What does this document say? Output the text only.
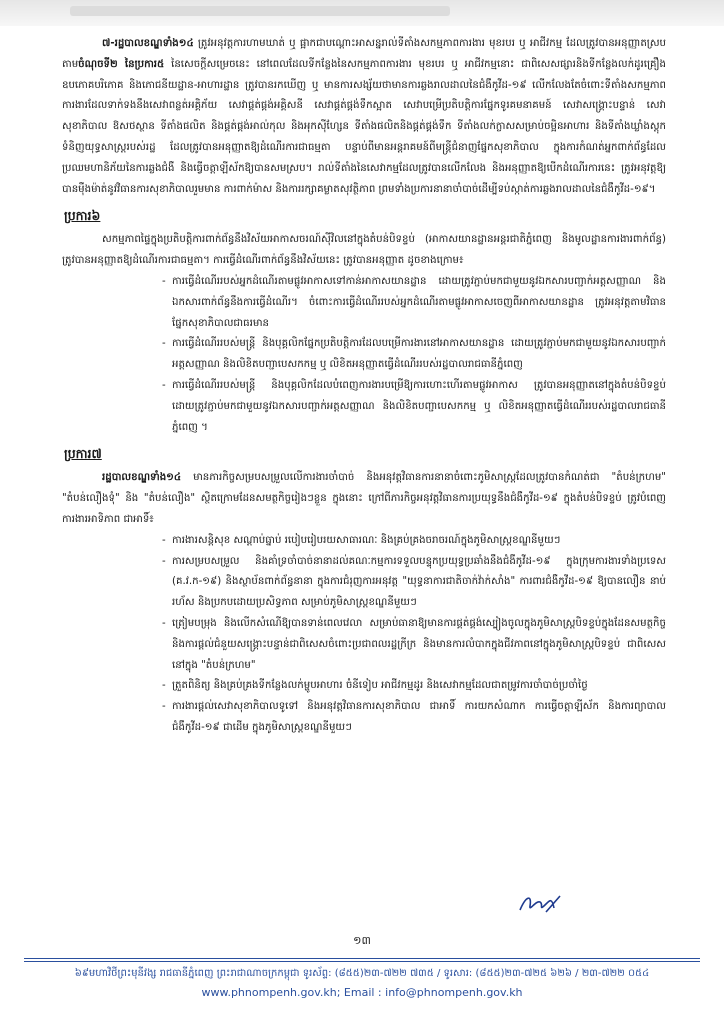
៧-រដ្ឋបាលខណ្ឌទាំង១៤ ត្រូវអនុវត្តការហាមឃាត់ ឬ ផ្អាកជាបណ្តោះអាសន្នរាល់ទីតាំងសកម្មភាពការងារ មុខរបរ ឬ អាជីវកម្ម ដែលត្រូវបានអនុញ្ញាតស្របតាមចំណុចទី២ នៃប្រការ៥ នៃសេចក្តីសម្រេចនេះ នៅពេលដែលទីកន្លែងនៃសកម្មភាពការងារ មុខរបរ ឬ អាជីវកម្មនោះ ជាពិសេសផ្សារនិងទីកន្លែងលក់ដូរគ្រឿងឧបភោគបរិភោគ និងភោជនីយដ្ឋាន-អាហារដ្ឋាន ត្រូវបានរកឃើញ ឬ មានការសង្ស័យថាមានការឆ្លងរាលដាលនៃជំងឺកូវីដ-១៩ លើកលែងតែចំពោះទីតាំងសកម្មភាពការងារដែលទាក់ទងនឹងសេវាពន្លត់អគ្គិភ័យ សេវាផ្គត់ផ្គង់អគ្គិសនី សេវាផ្គត់ផ្គង់ទឹកស្អាត សេវាបម្រើប្រតិបត្តិការផ្នែកទូរគមនាគមន៍ សេវាសង្គ្រោះបន្ទាន់ សេវាសុខាភិបាល ឱសថស្ថាន ទីតាំងផលិត និងផ្គត់ផ្គង់អាល់កុល និងអុកស៊ីហ្សែន ទីតាំងផលិតនិងផ្គត់ផ្គង់ទឹក ទីតាំងលក់ក្លាសសម្រាប់ចម្អិនអាហារ និងទីតាំងឃ្លាំងស្តុកទំនិញយុទ្ធសាស្ត្ររបស់រដ្ឋ ដែលត្រូវបានអនុញ្ញាតឱ្យដំណើរការជាធម្មតា បន្ទាប់ពីមានអន្តរាគមន៍ពីមន្ត្រីជំនាញផ្នែកសុខាភិបាល ក្នុងការកំណត់អ្នកពាក់ព័ន្ធដែលប្រឈមហានិភ័យនៃការឆ្លងជំងឺ និងធ្វើចត្តាឡីស័កឱ្យបានសមស្រប។ រាល់ទីតាំងនៃសេវាកម្មដែលត្រូវបានលើកលែង និងអនុញ្ញាតឱ្យបើកដំណើរការនេះ ត្រូវអនុវត្តឱ្យបានម៉ឺងម៉ាត់នូវវិធានការសុខាភិបាលរួមមាន ការពាក់ម៉ាស និងការរក្សាគម្លាតសុវត្ថិភាព ព្រមទាំងប្រការនានាចាំបាច់ដើម្បីទប់ស្កាត់ការឆ្លងរាលដាលនៃជំងឺកូវីដ-១៩។

ប្រការ៦

សកម្មភាពផ្ទៃក្នុងប្រតិបត្តិការពាក់ព័ន្ធនឹងវិស័យអាកាសចរណ៍ស៊ីវិលនៅក្នុងតំបន់បិទខ្ទប់ (អាកាសយានដ្ឋានអន្តរជាតិភ្នំពេញ និងមូលដ្ឋានការងារពាក់ព័ន្ធ) ត្រូវបានអនុញ្ញាតឱ្យដំណើរការជាធម្មតា។ ការធ្វើដំណើរពាក់ព័ន្ធនឹងវិស័យនេះ ត្រូវបានអនុញ្ញាត ដូចខាងក្រោម៖

- ការធ្វើដំណើររបស់អ្នកដំណើរតាមផ្លូវអាកាសទៅកាន់អាកាសយានដ្ឋាន ដោយត្រូវភ្ជាប់មកជាមួយនូវឯកសារបញ្ជាក់អត្តសញ្ញាណ និងឯកសារពាក់ព័ន្ធនឹងការធ្វើដំណើរ។ ចំពោះការធ្វើដំណើររបស់អ្នកដំណើរតាមផ្លូវអាកាសចេញពីអាកាសយានដ្ឋាន ត្រូវអនុវត្តតាមវិធានផ្នែកសុខាភិបាលជាធរមាន
- ការធ្វើដំណើររបស់មន្ត្រី និងបុគ្គលិកផ្នែកប្រតិបត្តិការដែលបម្រើការងារនៅអាកាសយានដ្ឋាន ដោយត្រូវភ្ជាប់មកជាមួយនូវឯកសារបញ្ជាក់អត្តសញ្ញាណ និងលិខិតបញ្ជាបេសកកម្ម ឬ លិខិតអនុញ្ញាតធ្វើដំណើររបស់រដ្ឋបាលរាជធានីភ្នំពេញ
- ការធ្វើដំណើររបស់មន្ត្រី និងបុគ្គលិកដែលបំពេញការងារបម្រើឱ្យការហោះហើរតាមផ្លូវអាកាស ត្រូវបានអនុញ្ញាតនៅក្នុងតំបន់បិទខ្ទប់ ដោយត្រូវភ្ជាប់មកជាមួយនូវឯកសារបញ្ជាក់អត្តសញ្ញាណ និងលិខិតបញ្ជាបេសកកម្ម ឬ លិខិតអនុញ្ញាតធ្វើដំណើររបស់រដ្ឋបាលរាជធានីភ្នំពេញ ។
ប្រការ៧

រដ្ឋបាលខណ្ឌទាំង១៤ មានភារកិច្ចសម្របសម្រួលលើការងារចាំបាច់ និងអនុវត្តវិធានការនានាចំពោះភូមិសាស្ត្រដែលត្រូវបានកំណត់ជា "តំបន់ក្រហម" "តំបន់លឿងទុំ" និង "តំបន់លឿង" ស្ថិតក្រោមដែនសមត្ថកិច្ចរៀងៗខ្លួន ក្នុងនោះ ក្រៅពីភារកិច្ចអនុវត្តវិធានការប្រយុទ្ធនឹងជំងឺកូវីដ-១៩ ក្នុងតំបន់បិទខ្ទប់ ត្រូវបំពេញការងារអាទិភាព ជាអាទិ៍៖

- ការងារសន្តិសុខ សណ្តាប់ធ្នាប់ របៀបរៀបរយសាធារណៈ និងគ្រប់គ្រងចរាចរណ៍ក្នុងភូមិសាស្ត្រខណ្ឌនីមួយៗ
- ការសម្របសម្រួល និងគាំទ្រចាំបាច់នានាដល់គណៈកម្មការទទួលបន្ទុកប្រយុទ្ធប្រឆាំងនឹងជំងឺកូវីដ-១៩ ក្នុងក្រុមការងារទាំងប្រទេស (គ.វ.ក-១៩) និងស្ថាប័នពាក់ព័ន្ធនានា ក្នុងការជំរុញការអនុវត្ត "យុទ្ធនាការជាតិចាក់វ៉ាក់សាំង" ការពារជំងឺកូវីដ-១៩ ឱ្យបានលឿន នាប់រហ័ស និងប្រកបដោយប្រសិទ្ធភាព សម្រាប់ភូមិសាស្ត្រខណ្ឌនីមួយៗ
- ត្រៀមបម្រុង និងលើកសំណើឱ្យបានទាន់ពេលវេលា សម្រាប់ធានាឱ្យមានការផ្គត់ផ្គង់ស្បៀងចូលក្នុងភូមិសាស្ត្របិទខ្ទប់ក្នុងដែនសមត្ថកិច្ច និងការផ្តល់ជំនួយសង្គ្រោះបន្ទាន់ជាពិសេសចំពោះប្រជាពលរដ្ឋក្រីក្រ និងមានការលំបាកក្នុងជីវភាពនៅក្នុងភូមិសាស្ត្របិទខ្ទប់ ជាពិសេសនៅក្នុង "តំបន់ក្រហម"
- ត្រួតពិនិត្យ និងគ្រប់គ្រងទីកន្លែងលក់ម្ហូបអាហារ ចំនីទៀប អាជីវកម្មដូរ និងសេវាកម្មដែលជាតម្រូវការចាំបាច់ប្រចាំថ្ងៃ
- ការងារផ្តល់សេវាសុខាភិបាលទូទៅ និងអនុវត្តវិធានការសុខាភិបាល ជាអាទិ៍ ការយកសំណាក ការធ្វើចត្តាឡីស័ក និងការព្យាបាលជំងឺកូវីដ-១៩ ជាដើម ក្នុងភូមិសាស្ត្រខណ្ឌនីមួយៗ
១៣
៦៩មហាវិថីព្រះមុនីវង្ស រាជធានីភ្នំពេញ ព្រះរាជាណាចក្រកម្ពុជា ទូរស័ព្ទ: (៨៥៥)២៣-៧២២ ៧៣៥ / ទូរសារ: (៨៥៥)២៣-៧២៥ ៦២៦ / ២៣-៧២២ ០៥៤
www.phnompenh.gov.kh; Email : info@phnompenh.gov.kh
